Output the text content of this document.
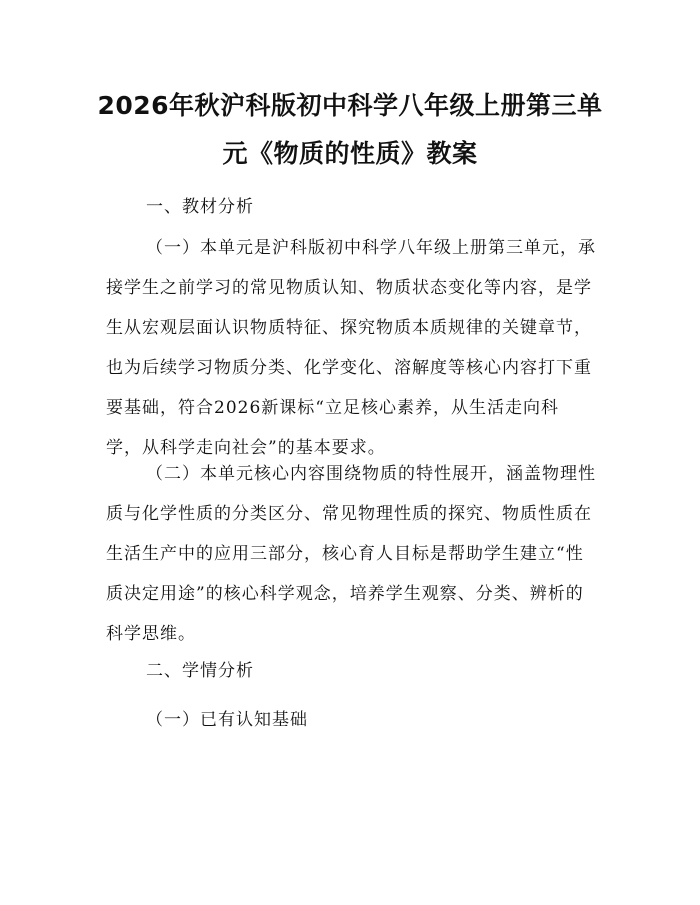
2026年秋沪科版初中科学八年级上册第三单
元《物质的性质》教案
一、教材分析
（一）本单元是沪科版初中科学八年级上册第三单元，承
接学生之前学习的常见物质认知、物质状态变化等内容，是学
生从宏观层面认识物质特征、探究物质本质规律的关键章节，
也为后续学习物质分类、化学变化、溶解度等核心内容打下重
要基础，符合2026新课标“立足核心素养，从生活走向科
学，从科学走向社会”的基本要求。
（二）本单元核心内容围绕物质的特性展开，涵盖物理性
质与化学性质的分类区分、常见物理性质的探究、物质性质在
生活生产中的应用三部分，核心育人目标是帮助学生建立“性
质决定用途”的核心科学观念，培养学生观察、分类、辨析的
科学思维。
二、学情分析
（一）已有认知基础
